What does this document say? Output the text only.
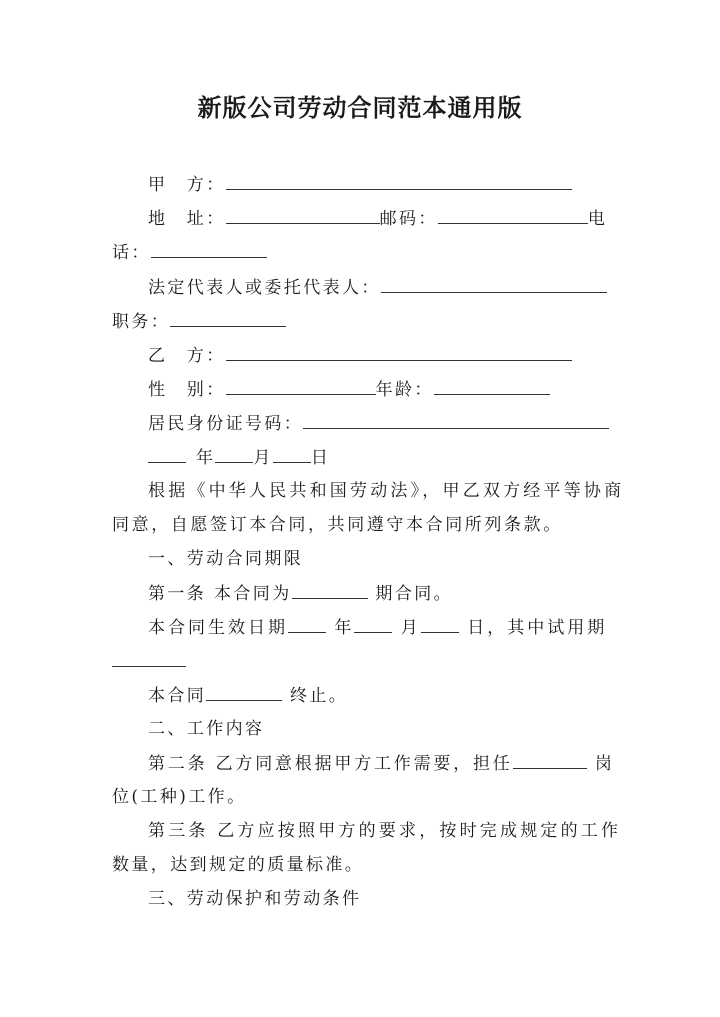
新版公司劳动合同范本通用版
甲　方：
地　址：	邮码：	电
话：
法定代表人或委托代表人：
职务：
乙　方：
性　别：	年龄：
居民身份证号码：
年 月 日
根据《中华人民共和国劳动法》，甲乙双方经平等协商
同意，自愿签订本合同，共同遵守本合同所列条款。
一、劳动合同期限
第一条 本合同为	期合同。
本合同生效日期 年 月 日，其中试用期
本合同	终止。
二、工作内容
第二条 乙方同意根据甲方工作需要，担任	岗
位(工种)工作。
第三条 乙方应按照甲方的要求，按时完成规定的工作
数量，达到规定的质量标准。
三、劳动保护和劳动条件
